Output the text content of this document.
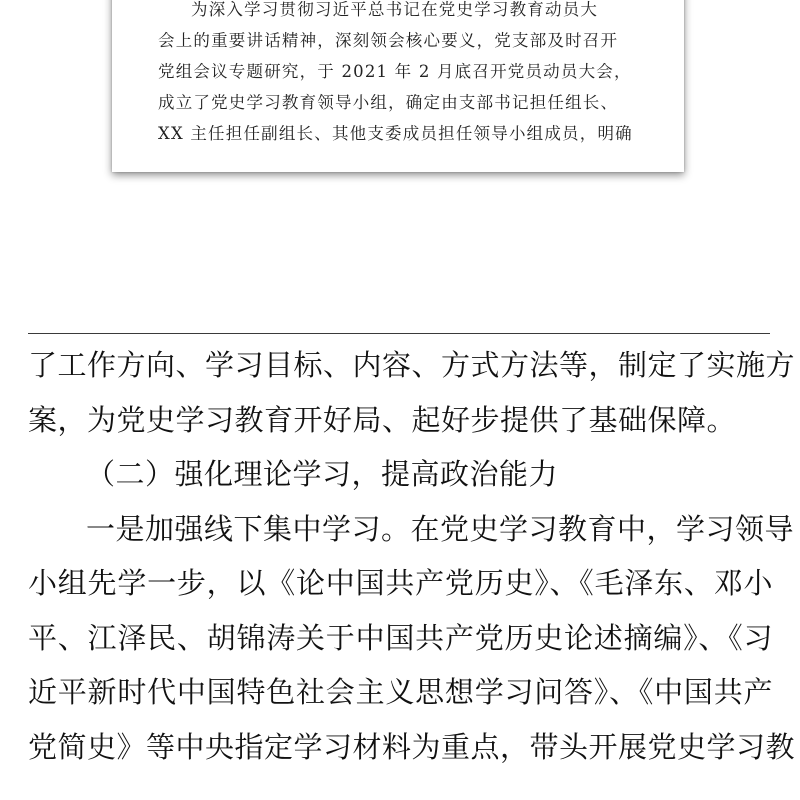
为深入学习贯彻习近平总书记在党史学习教育动员大
会上的重要讲话精神，深刻领会核心要义，党支部及时召开
党组会议专题研究，于 2021 年 2 月底召开党员动员大会，
成立了党史学习教育领导小组，确定由支部书记担任组长、
XX 主任担任副组长、其他支委成员担任领导小组成员，明确
了工作方向、学习目标、内容、方式方法等，制定了实施方
案，为党史学习教育开好局、起好步提供了基础保障。
（二）强化理论学习，提高政治能力
一是加强线下集中学习。在党史学习教育中，学习领导
小组先学一步，以《论中国共产党历史》、《毛泽东、邓小
平、江泽民、胡锦涛关于中国共产党历史论述摘编》、《习
近平新时代中国特色社会主义思想学习问答》、《中国共产
党简史》等中央指定学习材料为重点，带头开展党史学习教
